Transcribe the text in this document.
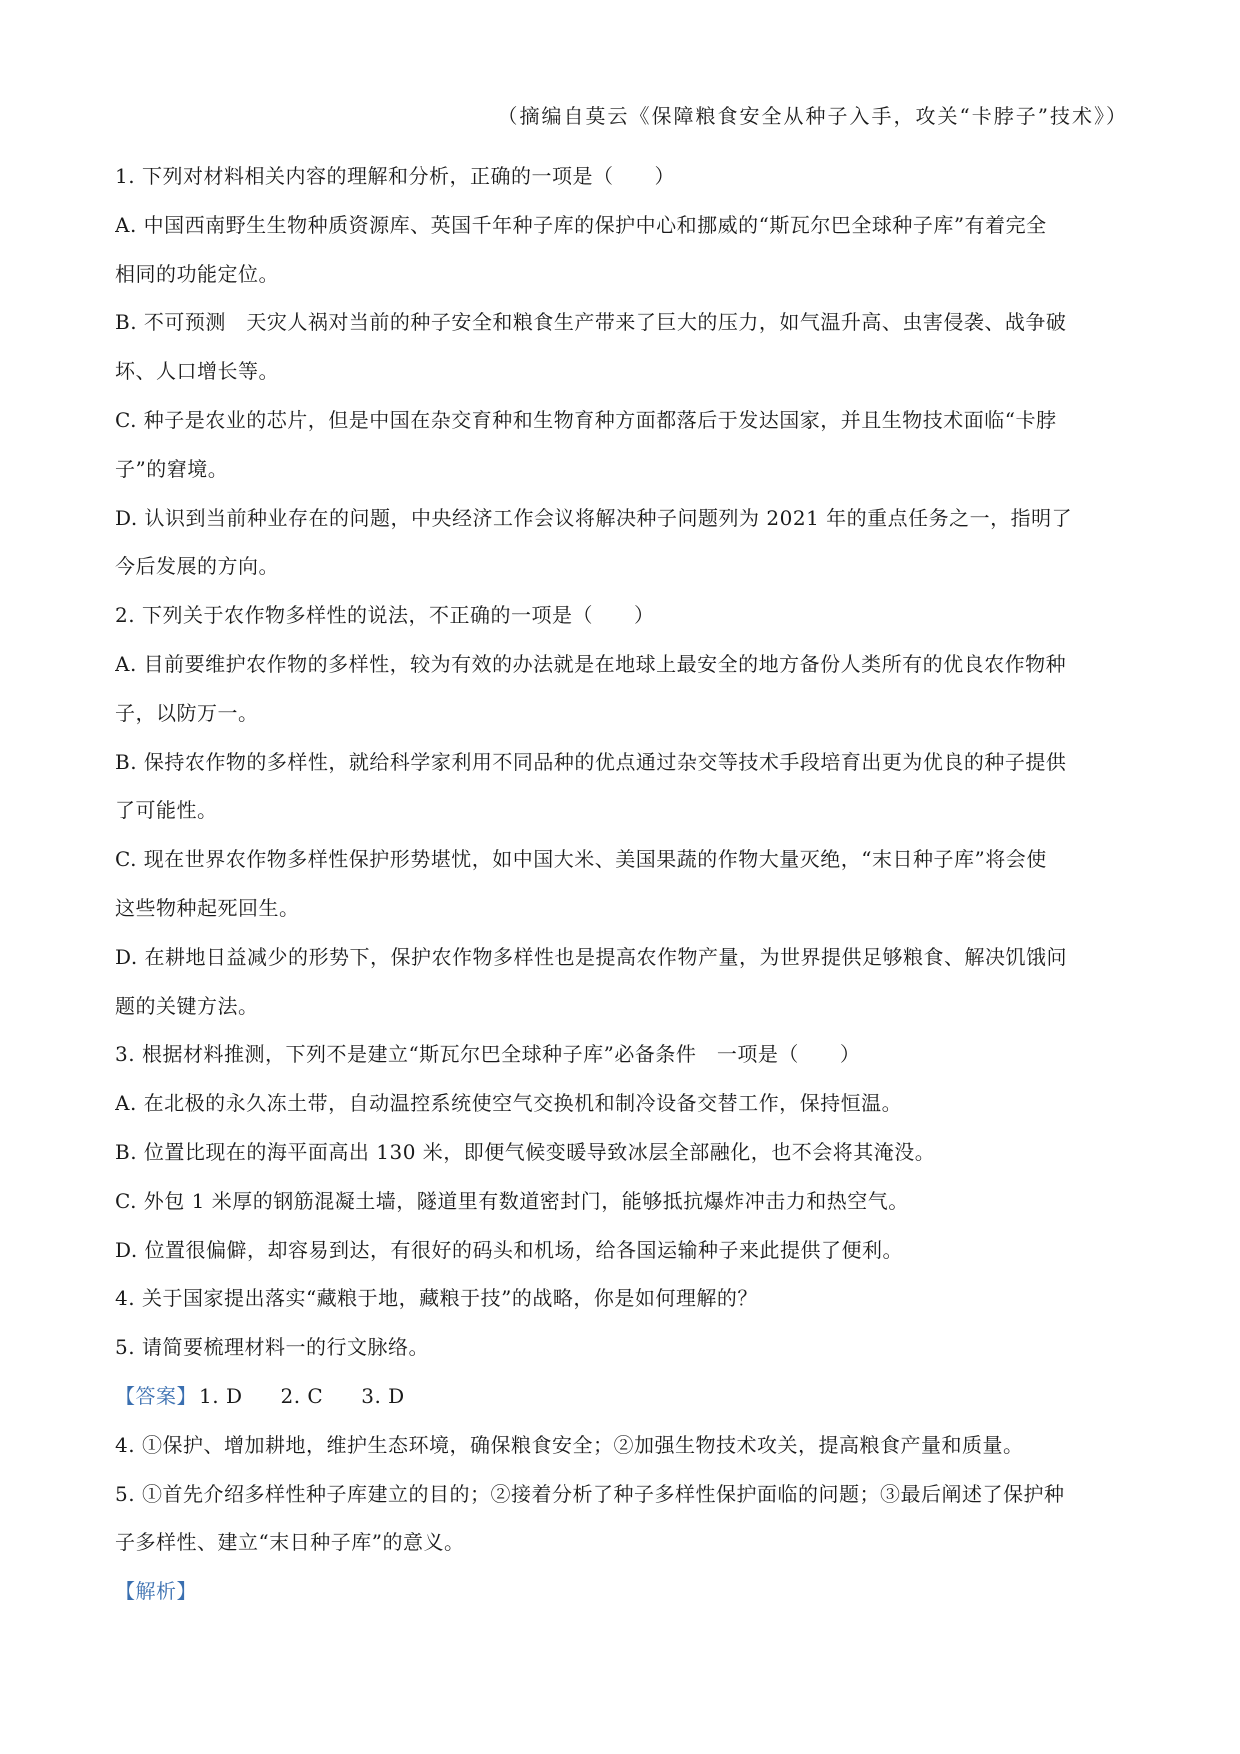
（摘编自莫云《保障粮食安全从种子入手，攻关“卡脖子”技术》）
1. 下列对材料相关内容的理解和分析，正确的一项是（　　）
A. 中国西南野生生物种质资源库、英国千年种子库的保护中心和挪威的“斯瓦尔巴全球种子库”有着完全
相同的功能定位。
B. 不可预测　天灾人祸对当前的种子安全和粮食生产带来了巨大的压力，如气温升高、虫害侵袭、战争破
坏、人口增长等。
C. 种子是农业的芯片，但是中国在杂交育种和生物育种方面都落后于发达国家，并且生物技术面临“卡脖
子”的窘境。
D. 认识到当前种业存在的问题，中央经济工作会议将解决种子问题列为 2021 年的重点任务之一，指明了
今后发展的方向。
2. 下列关于农作物多样性的说法，不正确的一项是（　　）
A. 目前要维护农作物的多样性，较为有效的办法就是在地球上最安全的地方备份人类所有的优良农作物种
子，以防万一。
B. 保持农作物的多样性，就给科学家利用不同品种的优点通过杂交等技术手段培育出更为优良的种子提供
了可能性。
C. 现在世界农作物多样性保护形势堪忧，如中国大米、美国果蔬的作物大量灭绝，“末日种子库”将会使
这些物种起死回生。
D. 在耕地日益减少的形势下，保护农作物多样性也是提高农作物产量，为世界提供足够粮食、解决饥饿问
题的关键方法。
3. 根据材料推测，下列不是建立“斯瓦尔巴全球种子库”必备条件　一项是（　　）
A. 在北极的永久冻土带，自动温控系统使空气交换机和制冷设备交替工作，保持恒温。
B. 位置比现在的海平面高出 130 米，即便气候变暖导致冰层全部融化，也不会将其淹没。
C. 外包 1 米厚的钢筋混凝土墙，隧道里有数道密封门，能够抵抗爆炸冲击力和热空气。
D. 位置很偏僻，却容易到达，有很好的码头和机场，给各国运输种子来此提供了便利。
4. 关于国家提出落实“藏粮于地，藏粮于技”的战略，你是如何理解的？
5. 请简要梳理材料一的行文脉络。
【答案】 1. D 2. C 3. D
4. ①保护、增加耕地，维护生态环境，确保粮食安全；②加强生物技术攻关，提高粮食产量和质量。
5. ①首先介绍多样性种子库建立的目的；②接着分析了种子多样性保护面临的问题；③最后阐述了保护种
子多样性、建立“末日种子库”的意义。
【解析】
